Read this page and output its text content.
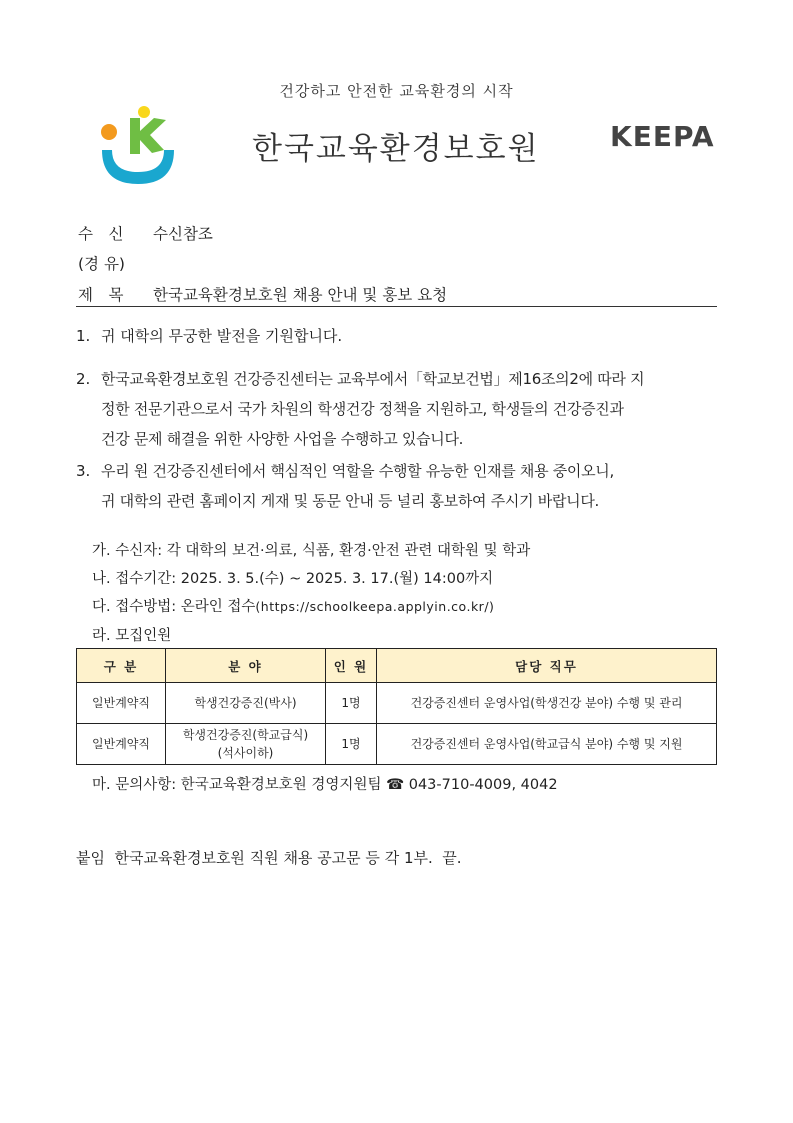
건강하고 안전한 교육환경의 시작
한국교육환경보호원	KEEPA
수　신 수신참조
(경 유)
제　목 한국교육환경보호원 채용 안내 및 홍보 요청
1. 귀 대학의 무궁한 발전을 기원합니다.
2. 한국교육환경보호원 건강증진센터는 교육부에서「학교보건법」제16조의2에 따라 지
정한 전문기관으로서 국가 차원의 학생건강 정책을 지원하고, 학생들의 건강증진과
건강 문제 해결을 위한 사양한 사업을 수행하고 있습니다.
3. 우리 원 건강증진센터에서 핵심적인 역할을 수행할 유능한 인재를 채용 중이오니,
귀 대학의 관련 홈페이지 게재 및 동문 안내 등 널리 홍보하여 주시기 바랍니다.
가. 수신자: 각 대학의 보건·의료, 식품, 환경·안전 관련 대학원 및 학과
나. 접수기간: 2025. 3. 5.(수) ~ 2025. 3. 17.(월) 14:00까지
다. 접수방법: 온라인 접수(https://schoolkeepa.applyin.co.kr/)
라. 모집인원
구 분	분 야	인 원	담당 직무
일반계약직	학생건강증진(박사)	1명	건강증진센터 운영사업(학생건강 분야) 수행 및 관리
일반계약직	학생건강증진(학교급식)
(석사이하)	1명	건강증진센터 운영사업(학교급식 분야) 수행 및 지원
마. 문의사항: 한국교육환경보호원 경영지원팀 ☎ 043-710-4009, 4042
붙임  한국교육환경보호원 직원 채용 공고문 등 각 1부.  끝.
